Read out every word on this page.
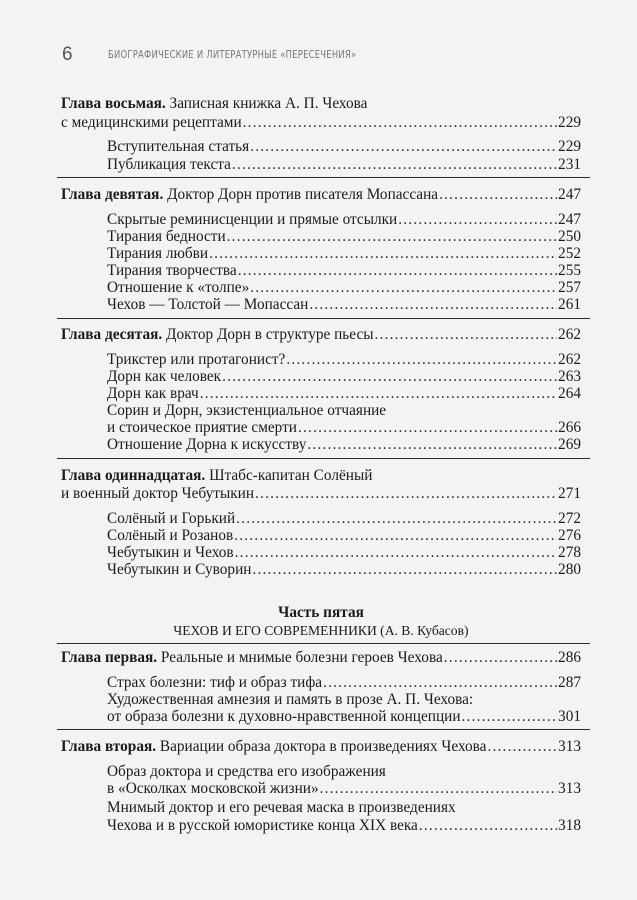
6	БИОГРАФИЧЕСКИЕ И ЛИТЕРАТУРНЫЕ «ПЕРЕСЕЧЕНИЯ»
Глава восьмая.
Записная книжка А. П. Чехова
с медицинскими рецептами .....	229
Вступительная статья .....	229
Публикация текста .....	231
Глава девятая.
Доктор Дорн против писателя Мопассана .....	247
Скрытые реминисценции и прямые отсылки .....	247
Тирания бедности .....	250
Тирания любви .....	252
Тирания творчества .....	255
Отношение к «толпе» .....	257
Чехов — Толстой — Мопассан .....	261
Глава десятая.
Доктор Дорн в структуре пьесы .....	262
Трикстер или протагонист? .....	262
Дорн как человек .....	263
Дорн как врач .....	264
Сорин и Дорн, экзистенциальное отчаяние
и стоическое приятие смерти .....	266
Отношение Дорна к искусству .....	269
Глава одиннадцатая.
Штабс-капитан Солёный
и военный доктор Чебутыкин .....	271
Солёный и Горький .....	272
Солёный и Розанов .....	276
Чебутыкин и Чехов .....	278
Чебутыкин и Суворин .....	280
Часть пятая
ЧЕХОВ И ЕГО СОВРЕМЕННИКИ (А. В. Кубасов)
Глава первая.
Реальные и мнимые болезни героев Чехова .....	286
Страх болезни: тиф и образ тифа .....	287
Художественная амнезия и память в прозе А. П. Чехова:
от образа болезни к духовно-нравственной концепции .....	301
Глава вторая.
Вариации образа доктора в произведениях Чехова .....	313
Образ доктора и средства его изображения
в «Осколках московской жизни» .....	313
Мнимый доктор и его речевая маска в произведениях
Чехова и в русской юмористике конца XIX века .....	318
